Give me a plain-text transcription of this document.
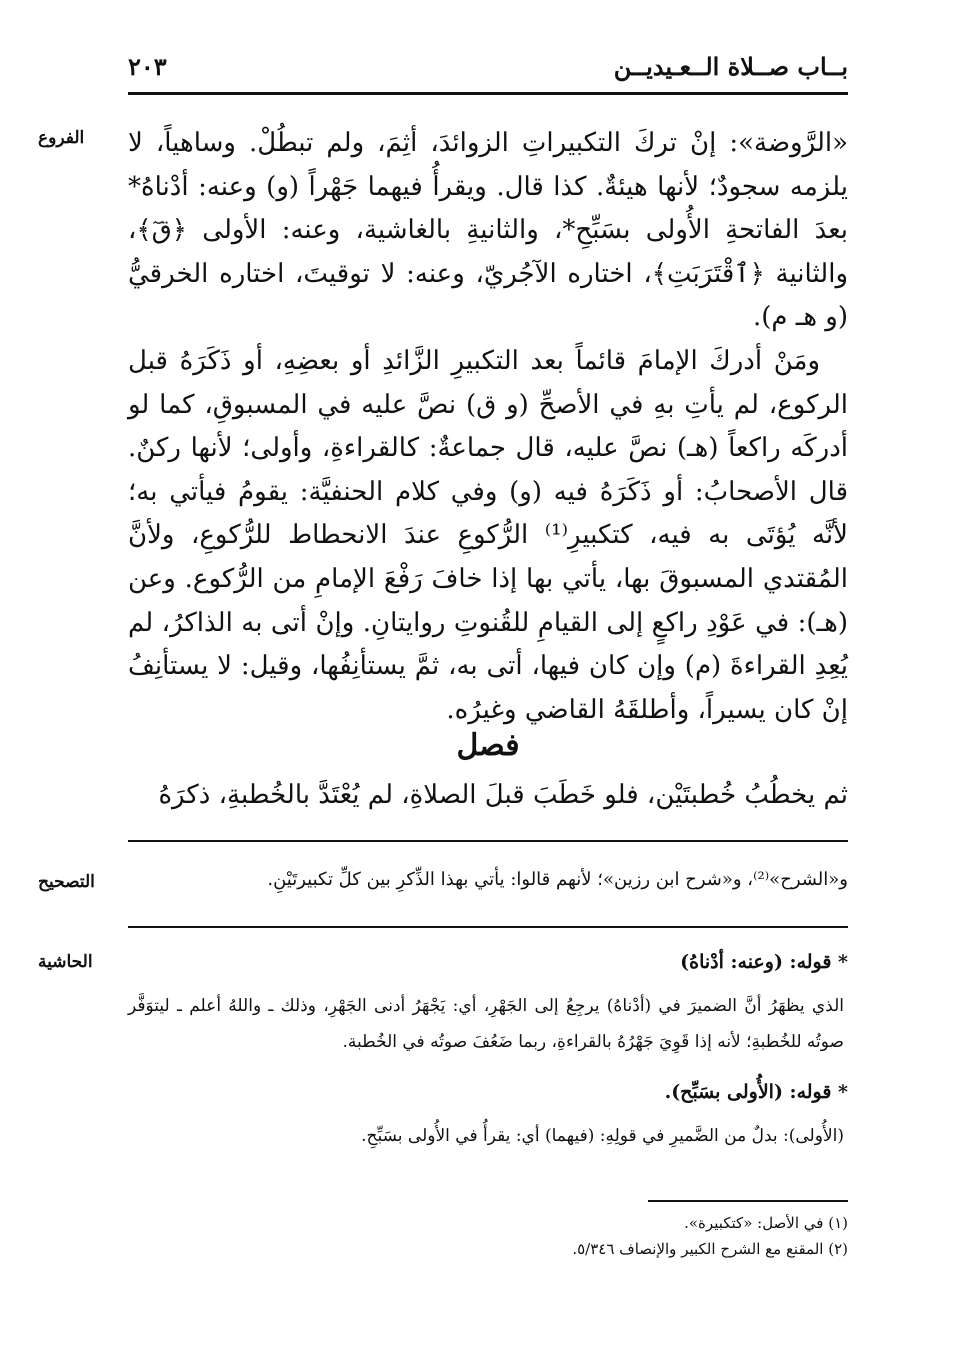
بــاب صــلاة الــعـيديــن
٢٠٣
الفروع	«الرَّوضة»: إنْ تركَ التكبيراتِ الزوائدَ، أثِمَ، ولم تبطُلْ. وساهياً، لا يلزمه سجودٌ؛ لأنها هيئةٌ. كذا قال. ويقرأُ فيهما جَهْراً (و) وعنه: أدْناهُ* بعدَ الفاتحةِ الأُولى بسَبِّحِ*، والثانيةِ بالغاشية، وعنه: الأولى ﴿قٓ﴾، والثانية ﴿ٱقْتَرَبَتِ﴾، اختاره الآجُريّ، وعنه: لا توقيتَ، اختاره الخرقيُّ (و هـ م).

ومَنْ أدركَ الإمامَ قائماً بعد التكبيرِ الزَّائدِ أو بعضِهِ، أو ذَكَرَهُ قبل الركوع، لم يأتِ بهِ في الأصحِّ (و ق) نصَّ عليه في المسبوقِ، كما لو أدركَه راكعاً (هـ) نصَّ عليه، قال جماعةٌ: كالقراءةِ، وأولى؛ لأنها ركنٌ. قال الأصحابُ: أو ذَكَرَهُ فيه (و) وفي كلام الحنفيَّة: يقومُ فيأتي به؛ لأنَّه يُؤتَى به فيه، كتكبيرِ⁽¹⁾ الرُّكوعِ عندَ الانحطاط للرُّكوعِ، ولأنَّ المُقتدي المسبوقَ بها، يأتي بها إذا خافَ رَفْعَ الإمامِ من الرُّكوع. وعن (هـ): في عَوْدِ راكعٍ إلى القيامِ للقُنوتِ روايتانِ. وإنْ أتى به الذاكرُ، لم يُعِدِ القراءةَ (م) وإن كان فيها، أتى به، ثمَّ يستأنِفُها، وقيل: لا يستأنِفُ إنْ كان يسيراً، وأطلقَهُ القاضي وغيرُه.

فصل
ثم يخطُبُ خُطبتَيْن، فلو خَطَبَ قبلَ الصلاةِ، لم يُعْتَدَّ بالخُطبةِ، ذكرَهُ
التصحيح	و«الشرح»⁽²⁾، و«شرح ابن رزين»؛ لأنهم قالوا: يأتي بهذا الذِّكرِ بين كلِّ تكبيرتَيْنِ.
الحاشية	* قوله: (وعنه: أدْناهُ)

الذي يظهَرُ أنَّ الضميرَ في (أدْناهُ) يرجِعُ إلى الجَهْرِ، أي: يَجْهَرُ أدنى الجَهْرِ، وذلك ـ واللهُ أعلم ـ ليتوَفَّر صوتُه للخُطبةِ؛ لأنه إذا قَوِيَ جَهْرُهُ بالقراءةِ، ربما ضَعُفَ صوتُه في الخُطبة.

* قوله: (الأُولى بسَبِّح).

(الأُولى): بدلٌ من الضَّميرِ في قولِهِ: (فيهما) أي: يقرأُ في الأُولى بسَبِّحِ.

(١) في الأصل: «كتكبيرة».

(٢) المقنع مع الشرح الكبير والإنصاف ٥/٣٤٦.
